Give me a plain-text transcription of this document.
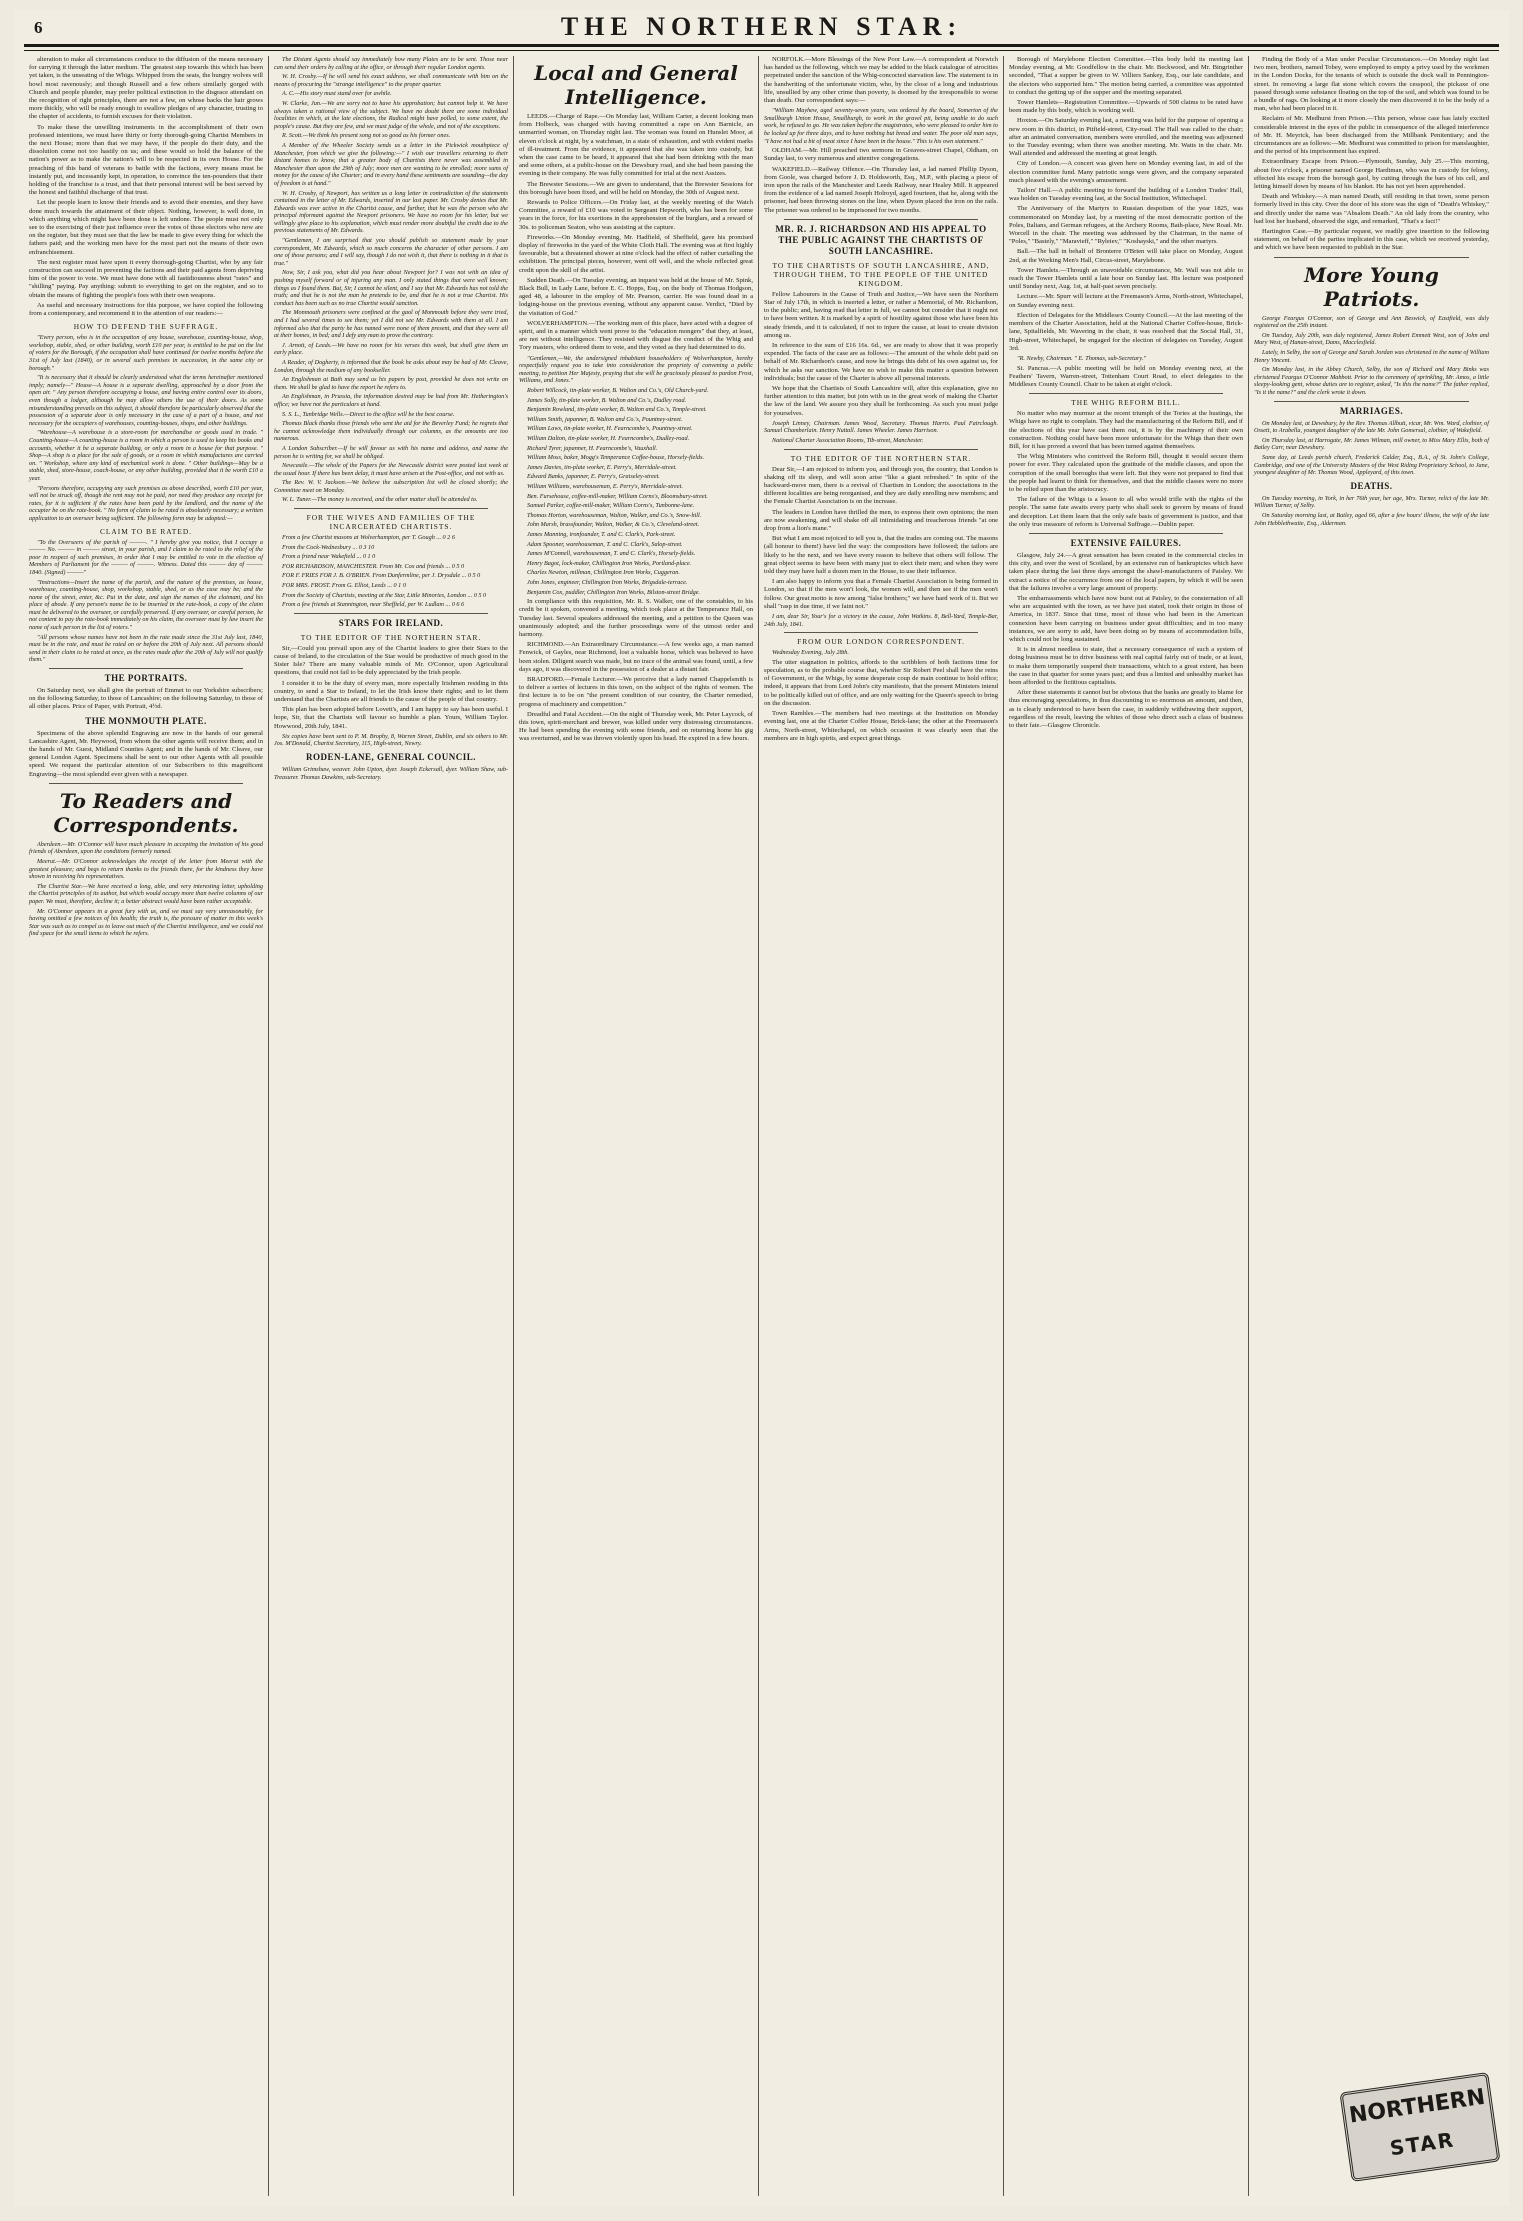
6	THE NORTHERN STAR:

alteration to make all circumstances conduce to the diffusion of the means necessary for carrying it through the latter medium. The greatest step towards this which has been yet taken, is the unseating of the Whigs. Whipped from the seats, the hungry wolves will howl most ravenously; and though Russell and a few others similarly gorged with Church and people plunder, may prefer political extinction to the disgrace attendant on the recognition of right principles, there are not a few, on whose backs the hair grows more thickly, who will be ready enough to swallow pledges of any character, trusting to the chapter of accidents, to furnish excuses for their violation.

To make these the unwilling instruments in the accomplishment of their own professed intentions, we must have thirty or forty thorough-going Chartist Members in the next House; more than that we may have, if the people do their duty, and the dissolution come not too hastily on us; and these would so hold the balance of the nation's power as to make the nation's will to be respected in its own House. For the preaching of this band of veterans to battle with the factions, every means must be instantly put, and incessantly kept, in operation, to convince the ten-pounders that their holding of the franchise is a trust, and that their personal interest will be best served by the honest and faithful discharge of that trust.

Let the people learn to know their friends and to avoid their enemies, and they have done much towards the attainment of their object. Nothing, however, is well done, in which anything which might have been done is left undone. The people must not only see to the exercising of their just influence over the votes of those electors who now are on the register, but they must see that the law be made to give every thing for which the fathers paid; and the working men have for the most part not the means of their own enfranchisement.

The next register must have upon it every thorough-going Chartist, who by any fair construction can succeed in preventing the factions and their paid agents from depriving him of the power to vote. We must have done with all fastidiousness about "rates" and "shilling" paying. Pay anything: submit to everything to get on the register, and so to obtain the means of fighting the people's foes with their own weapons.

As useful and necessary instructions for this purpose, we have copied the following from a contemporary, and recommend it to the attention of our readers:—

HOW TO DEFEND THE SUFFRAGE.

"Every person, who is in the occupation of any house, warehouse, counting-house, shop, workshop, stable, shed, or other building, worth £10 per year, is entitled to be put on the list of voters for the Borough, if the occupation shall have continued for twelve months before the 31st of July last (1840), or in several such premises in succession, in the same city or borough."

"It is necessary that it should be clearly understood what the terms hereinafter mentioned imply; namely—" House—A house is a separate dwelling, approached by a door from the open air. " Any person therefore occupying a house, and having entire control over its doors, even though a lodger, although he may allow others the use of their doors. As some misunderstanding prevails on this subject, it should therefore be particularly observed that the possession of a separate door is only necessary in the case of a part of a house, and not necessary for the occupiers of warehouses, counting-houses, shops, and other buildings.

"Warehouse—A warehouse is a store-room for merchandise or goods used in trade. " Counting-house—A counting-house is a room in which a person is used to keep his books and accounts, whether it be a separate building, or only a room in a house for that purpose. " Shop—A shop is a place for the sale of goods, or a room in which manufactures are carried on. " Workshop, where any kind of mechanical work is done. " Other buildings—May be a stable, shed, store-house, coach-house, or any other building, provided that it be worth £10 a year.

"Persons therefore, occupying any such premises as above described, worth £10 per year, will not be struck off, though the rent may not be paid, nor need they produce any receipt for rates, for it is sufficient if the rates have been paid by the landlord, and the name of the occupier be on the rate-book. " No form of claim to be rated is absolutely necessary; a written application to an overseer being sufficient. The following form may be adopted:—

CLAIM TO BE RATED.

"To the Overseers of the parish of ———. " I hereby give you notice, that I occupy a ——— No. ——— in ——— street, in your parish, and I claim to be rated to the relief of the poor in respect of such premises, in order that I may be entitled to vote in the election of Members of Parliament for the ——— of ———. Witness. Dated this ——— day of ——— 1840. (Signed) ———"

"Instructions—Insert the name of the parish, and the nature of the premises, as house, warehouse, counting-house, shop, workshop, stable, shed, or as the case may be; and the name of the street, enter, &c. Put in the date, and sign the names of the claimant, and his place of abode. If any person's name be to be inserted in the rate-book, a copy of the claim must be delivered to the overseer, or carefully preserved. If any overseer, or careful person, be not content to pay the rate-book immediately on his claim, the overseer must by law insert the name of such person in the list of voters."

"All persons whose names have not been in the rate made since the 31st July last, 1840, must be in the rate, and must be rated on or before the 20th of July next. All persons should send in their claim to be rated at once, as the rates made after the 20th of July will not qualify them."

THE PORTRAITS.

On Saturday next, we shall give the portrait of Emmet to our Yorkshire subscribers; on the following Saturday, to those of Lancashire; on the following Saturday, to those of all other places. Price of Paper, with Portrait, 4½d.

THE MONMOUTH PLATE.

Specimens of the above splendid Engraving are now in the hands of our general Lancashire Agent, Mr. Heywood, from whom the other agents will receive them; and in the hands of Mr. Guest, Midland Counties Agent; and in the hands of Mr. Cleave, our general London Agent. Specimens shall be sent to our other Agents with all possible speed. We request the particular attention of our Subscribers to this magnificent Engraving—the most splendid ever given with a newspaper.

To Readers and Correspondents.

Aberdeen.—Mr. O'Connor will have much pleasure in accepting the invitation of his good friends of Aberdeen, upon the conditions formerly named.

Meerut.—Mr. O'Connor acknowledges the receipt of the letter from Meerut with the greatest pleasure; and begs to return thanks to the friends there, for the kindness they have shown in receiving his representatives.

The Chartist Star.—We have received a long, able, and very interesting letter, upholding the Chartist principles of its author, but which would occupy more than twelve columns of our paper. We must, therefore, decline it; a better abstract would have been rather acceptable.

Mr. O'Connor appears in a great fury with us, and we must say very unreasonably, for having omitted a few notices of his health; the truth is, the pressure of matter in this week's Star was such as to compel us to leave out much of the Chartist intelligence, and we could not find space for the small items to which he refers.

The Distant Agents should say immediately how many Plates are to be sent. Those near can send their orders by calling at the office, or through their regular London agents.

W. H. Crosby.—If he will send his exact address, we shall communicate with him on the means of procuring the "strange intelligence" to the proper quarter.

A. C.—His story must stand over for awhile.

W. Clarke, Jun.—We are sorry not to have his approbation; but cannot help it. We have always taken a rational view of the subject. We have no doubt there are some individual localities in which, at the late elections, the Radical might have polled, to some extent, the people's cause. But they are few, and we must judge of the whole, and not of the exceptions.

R. Scott.—We think his present song not so good as his former ones.

A Member of the Wheeler Society sends us a letter in the Pickwick mouthpiece of Manchester, from which we give the following:—" I wish our travellers returning to their distant homes to know, that a greater body of Chartists there never was assembled in Manchester than upon the 29th of July; more men are wanting to be enrolled; more sums of money for the cause of the Charter; and in every hand these sentiments are sounding—the day of freedom is at hand."

W. H. Crosby, of Newport, has written us a long letter in contradiction of the statements contained in the letter of Mr. Edwards, inserted in our last paper. Mr. Crosby denies that Mr. Edwards was ever active in the Chartist cause, and further, that he was the person who the principal informant against the Newport prisoners. We have no room for his letter, but we willingly give place to his explanation, which must render more doubtful the credit due to the previous statements of Mr. Edwards.

"Gentlemen, I am surprised that you should publish so statement made by your correspondent, Mr. Edwards, which so much concerns the character of other persons. I am one of those persons; and I will say, though I do not wish it, that there is nothing in it that is true."

Now, Sir, I ask you, what did you hear about Newport for? I was not with an idea of pushing myself forward or of injuring any man. I only stated things that were well known; things as I found them. But, Sir, I cannot be silent, and I say that Mr. Edwards has not told the truth; and that he is not the man he pretends to be, and that he is not a true Chartist. His conduct has been such as no true Chartist would sanction.

The Monmouth prisoners were confined at the gaol of Monmouth before they were tried, and I had several times to see them; yet I did not see Mr. Edwards with them at all. I am informed also that the party he has named were none of them present, and that they were all at their homes, in bed; and I defy any man to prove the contrary.

J. Arnott, of Leeds.—We have no room for his verses this week, but shall give them an early place.

A Reader, of Dogherty, is informed that the book he asks about may be had of Mr. Cleave, London, through the medium of any bookseller.

An Englishman at Bath may send us his papers by post, provided he does not write on them. We shall be glad to have the report he refers to.

An Englishman, in Prussia, the information desired may be had from Mr. Hetherington's office; we have not the particulars at hand.

S. S. L., Tunbridge Wells.—Direct to the office will be the best course.

Thomas Black thanks those friends who sent the aid for the Beverley Fund; he regrets that he cannot acknowledge them individually through our columns, as the amounts are too numerous.

A London Subscriber.—If he will favour us with his name and address, and name the person he is writing for, we shall be obliged.

Newcastle.—The whole of the Papers for the Newcastle district were posted last week at the usual hour. If there has been delay, it must have arisen at the Post-office, and not with us.

The Rev. W. V. Jackson.—We believe the subscription list will be closed shortly; the Committee meet on Monday.

W. L. Tuner.—The money is received, and the other matter shall be attended to.

FOR THE WIVES AND FAMILIES OF THE INCARCERATED CHARTISTS.

From a few Chartist masons at Wolverhampton, per T. Gough ... 0 2 6

From the Cock-Wednesbury ... 0 3 10

From a friend near Wakefield ... 0 1 0

FOR RICHARDSON, MANCHESTER. From Mr. Cox and friends ... 0 5 0

FOR F. FRIES FOR J. B. O'BRIEN. From Dunfermline, per J. Drysdale ... 0 5 0

FOR MRS. FROST. From G. Elliot, Leeds ... 0 1 0

From the Society of Chartists, meeting at the Star, Little Minories, London ... 0 5 0

From a few friends at Stannington, near Sheffield, per W. Ludlam ... 0 6 6

STARS FOR IRELAND.
TO THE EDITOR OF THE NORTHERN STAR.

Sir,—Could you prevail upon any of the Chartist leaders to give their Stars to the cause of Ireland, to the circulation of the Star would be productive of much good in the Sister Isle? There are many valuable minds of Mr. O'Connor, upon Agricultural questions, that could not fail to be duly appreciated by the Irish people.

I consider it to be the duty of every man, more especially Irishmen residing in this country, to send a Star to Ireland, to let the Irish know their rights; and to let them understand that the Chartists are all friends to the cause of the people of that country.

This plan has been adopted before Lovett's, and I am happy to say has been useful. I hope, Sir, that the Chartists will favour so humble a plan. Yours, William Taylor. Howwood, 20th July, 1841.

Six copies have been sent to P. M. Brophy, 8, Warren Street, Dublin, and six others to Mr. Jos. M'Donald, Chartist Secretary, 115, High-street, Newry.

RODEN-LANE, GENERAL COUNCIL.

William Grimshaw, weaver. John Upton, dyer. Joseph Eckersall, dyer. William Shaw, sub-Treasurer. Thomas Dawkins, sub-Secretary.

Local and General Intelligence.

LEEDS.—Charge of Rape.—On Monday last, William Carter, a decent looking man from Holbeck, was charged with having committed a rape on Ann Barnicle, an unmarried woman, on Thursday night last. The woman was found on Hunslet Moor, at eleven o'clock at night, by a watchman, in a state of exhaustion, and with evident marks of ill-treatment. From the evidence, it appeared that she was taken into custody, but when the case came to be heard, it appeared that she had been drinking with the man and some others, at a public-house on the Dewsbury road, and she had been passing the evening in their company. He was fully committed for trial at the next Assizes.

The Brewster Sessions.—We are given to understand, that the Brewster Sessions for this borough have been fixed, and will be held on Monday, the 30th of August next.

Rewards to Police Officers.—On Friday last, at the weekly meeting of the Watch Committee, a reward of £10 was voted to Sergeant Hepworth, who has been for some years in the force, for his exertions in the apprehension of the burglars, and a reward of 30s. to policeman Seaton, who was assisting at the capture.

Fireworks.—On Monday evening, Mr. Hadfield, of Sheffield, gave his promised display of fireworks in the yard of the White Cloth Hall. The evening was at first highly favourable, but a threatened shower at nine o'clock had the effect of rather curtailing the exhibition. The principal pieces, however, went off well, and the whole reflected great credit upon the skill of the artist.

Sudden Death.—On Tuesday evening, an inquest was held at the house of Mr. Spink, Black Bull, in Lady Lane, before E. C. Hopps, Esq., on the body of Thomas Hodgson, aged 48, a labourer in the employ of Mr. Pearson, carrier. He was found dead in a lodging-house on the previous evening, without any apparent cause. Verdict, "Died by the visitation of God."

WOLVERHAMPTON.—The working men of this place, have acted with a degree of spirit, and in a manner which went prove to the "education mongers" that they, at least, are not without intelligence. They resisted with disgust the conduct of the Whig and Tory masters, who ordered them to vote, and they voted as they had determined to do.

"Gentlemen,—We, the undersigned inhabitant householders of Wolverhampton, hereby respectfully request you to take into consideration the propriety of convening a public meeting, to petition Her Majesty, praying that she will be graciously pleased to pardon Frost, Williams, and Jones."

Robert Willcock, tin-plate worker, B. Walton and Co.'s, Old Church-yard.

James Solly, tin-plate worker, B. Walton and Co.'s, Dudley road.

Benjamin Rowland, tin-plate worker, B. Walton and Co.'s, Temple-street.

William Smith, japanner, B. Walton and Co.'s, Pountney-street.

William Laws, tin-plate worker, H. Fearncombe's, Pountney-street.

William Dalton, tin-plate worker, H. Fearncombe's, Dudley-road.

Richard Tyrer, japanner, H. Fearncombe's, Vauxhall.

William Moss, baker, Mogg's Temperance Coffee-house, Horsely-fields.

James Davies, tin-plate worker, E. Perry's, Merridale-street.

Edward Banks, japanner, E. Perry's, Graiseley-street.

William Williams, warehouseman, E. Perry's, Merridale-street.

Ben. Fursehouse, coffee-mill-maker, William Corns's, Bloomsbury-street.

Samuel Parker, coffee-mill-maker, William Corns's, Tunbonne-lane.

Thomas Horton, warehouseman, Walton, Walker, and Co.'s, Snow-hill.

John Marsh, brassfounder, Walton, Walker, & Co.'s, Cleveland-street.

James Manning, ironfounder, T. and C. Clark's, Park-street.

Adam Spooner, warehouseman, T. and C. Clark's, Salop-street.

James M'Connell, warehouseman, T. and C. Clark's, Horsely-fields.

Henry Bagot, lock-maker, Chillington Iron Works, Portland-place.

Charles Newton, millman, Chillington Iron Works, Cuggeran.

John Jones, engineer, Chillington Iron Works, Brigsdale-terrace.

Benjamin Cox, puddler, Chillington Iron Works, Bilston-street Bridge.

In compliance with this requisition, Mr. R. S. Walker, one of the constables, to his credit be it spoken, convened a meeting, which took place at the Temperance Hall, on Tuesday last. Several speakers addressed the meeting, and a petition to the Queen was unanimously adopted; and the further proceedings were of the utmost order and harmony.

RICHMOND.—An Extraordinary Circumstance.—A few weeks ago, a man named Fenwick, of Gayles, near Richmond, lost a valuable horse, which was believed to have been stolen. Diligent search was made, but no trace of the animal was found, until, a few days ago, it was discovered in the possession of a dealer at a distant fair.

BRADFORD.—Female Lecturer.—We perceive that a lady named Chappelsmith is to deliver a series of lectures in this town, on the subject of the rights of women. The first lecture is to be on "the present condition of our country, the Charter remedied, progress of machinery and competition."

Dreadful and Fatal Accident.—On the night of Thursday week, Mr. Peter Laycock, of this town, spirit-merchant and brewer, was killed under very distressing circumstances. He had been spending the evening with some friends, and on returning home his gig was overturned, and he was thrown violently upon his head. He expired in a few hours.

NORFOLK.—More Blessings of the New Poor Law.—A correspondent at Norwich has handed us the following, which we may be added to the black catalogue of atrocities perpetrated under the sanction of the Whig-concocted starvation law. The statement is in the handwriting of the unfortunate victim, who, by the close of a long and industrious life, unsullied by any other crime than poverty, is doomed by the irresponsible to worse than death. Our correspondent says:—

"William Mayhew, aged seventy-seven years, was ordered by the board, Somerton of the Smallburgh Union House, Smallburgh, to work in the gravel pit, being unable to do such work, he refused to go. He was taken before the magistrates, who were pleased to order him to be locked up for three days, and to have nothing but bread and water. The poor old man says, "I have not had a bit of meat since I have been in the house." This is his own statement."

OLDHAM.—Mr. Hill preached two sermons in Greaves-street Chapel, Oldham, on Sunday last, to very numerous and attentive congregations.

WAKEFIELD.—Railway Offence.—On Thursday last, a lad named Phillip Dyson, from Goole, was charged before J. D. Holdsworth, Esq., M.P., with placing a piece of iron upon the rails of the Manchester and Leeds Railway, near Healey Mill. It appeared from the evidence of a lad named Joseph Holroyd, aged fourteen, that he, along with the prisoner, had been throwing stones on the line, when Dyson placed the iron on the rails. The prisoner was ordered to be imprisoned for two months.

MR. R. J. RICHARDSON AND HIS APPEAL TO THE PUBLIC AGAINST THE CHARTISTS OF SOUTH LANCASHIRE.
TO THE CHARTISTS OF SOUTH LANCASHIRE, AND, THROUGH THEM, TO THE PEOPLE OF THE UNITED KINGDOM.

Fellow Labourers in the Cause of Truth and Justice,—We have seen the Northern Star of July 17th, in which is inserted a letter, or rather a Memorial, of Mr. Richardson, to the public; and, having read that letter in full, we cannot but consider that it ought not to have been written. It is marked by a spirit of hostility against those who have been his steady friends, and it is calculated, if not to injure the cause, at least to create division among us.

In reference to the sum of £16 16s. 6d., we are ready to show that it was properly expended. The facts of the case are as follows:—The amount of the whole debt paid on behalf of Mr. Richardson's cause, and now he brings this debt of his own against us, for which he asks our sanction. We have no wish to make this matter a question between individuals; but the cause of the Charter is above all personal interests.

We hope that the Chartists of South Lancashire will, after this explanation, give no further attention to this matter, but join with us in the great work of making the Charter the law of the land. We assure you they shall be forthcoming. As such you must judge for yourselves.

Joseph Linney, Chairman. James Wood, Secretary. Thomas Harris. Paul Fairclough. Samuel Chamberlain. Henry Nuttall. James Wheeler. James Harrison.

National Charter Association Rooms, Tib-street, Manchester.

TO THE EDITOR OF THE NORTHERN STAR.

Dear Sir,—I am rejoiced to inform you, and through you, the country, that London is shaking off its sleep, and will soon arise "like a giant refreshed." In spite of the backward-move men, there is a revival of Chartism in London; the associations in the different localities are being reorganised, and they are daily enrolling new members; and the Female Chartist Association is on the increase.

The leaders in London have thrilled the men, to express their own opinions; the men are now awakening, and will shake off all intimidating and treacherous friends "at one drop from a lion's mane."

But what I am most rejoiced to tell you is, that the trades are coming out. The masons (all honour to them!) have led the way: the compositors have followed; the tailors are likely to be the next, and we have every reason to believe that others will follow. The great object seems to have been with many just to elect their men; and when they were told they may have half a dozen men in the House, to use their influence.

I am also happy to inform you that a Female Chartist Association is being formed in London, so that if the men won't look, the women will, and then see if the men won't follow. Our great motto is now among "false brothers;" we have hard work of it. But we shall "rasp in due time, if we faint not."

I am, dear Sir, Your's for a victory in the cause, John Watkins. 8, Bell-Yard, Temple-Bar, 24th July, 1841.

FROM OUR LONDON CORRESPONDENT.

Wednesday Evening, July 28th.

The utter stagnation in politics, affords to the scribblers of both factions time for speculation, as to the probable course that, whether Sir Robert Peel shall have the reins of Government, or the Whigs, by some desperate coup de main continue to hold office; indeed, it appears that from Lord John's city manifesto, that the present Ministers intend to be politically killed out of office, and are only waiting for the Queen's speech to bring on the discussion.

Town Rambles.—The members had two meetings at the Institution on Monday evening last, one at the Charter Coffee House, Brick-lane; the other at the Freemason's Arms, North-street, Whitechapel, on which occasion it was clearly seen that the members are in high spirits, and expect great things.

Borough of Marylebone Election Committee.—This body held its meeting last Monday evening, at Mr. Goodfellow in the chair. Mr. Beckwood, and Mr. Bingrinther seconded, "That a supper be given to W. Villiers Sankey, Esq., our late candidate, and the electors who supported him." The motion being carried, a committee was appointed to conduct the getting up of the supper and the meeting separated.

Tower Hamlets—Registration Committee.—Upwards of 500 claims to be rated have been made by this body, which is working well.

Hoxton.—On Saturday evening last, a meeting was held for the purpose of opening a new room in this district, in Pitfield-street, City-road. The Hall was called to the chair; after an animated conversation, members were enrolled, and the meeting was adjourned to the Tuesday evening; when there was another meeting. Mr. Watts in the chair. Mr. Wall attended and addressed the meeting at great length.

City of London.—A concert was given here on Monday evening last, in aid of the election committee fund. Many patriotic songs were given, and the company separated much pleased with the evening's amusement.

Tailors' Hall.—A public meeting to forward the building of a London Trades' Hall, was holden on Tuesday evening last, at the Social Institution, Whitechapel.

The Anniversary of the Martyrs to Russian despotism of the year 1825, was commemorated on Monday last, by a meeting of the most democratic portion of the Poles, Italians, and German refugees, at the Archery Rooms, Bath-place, New Road. Mr. Worcell in the chair. The meeting was addressed by the Chairman, in the name of "Poles," "Bastely," "Maravieff," "Ryleiev," "Koshayski," and the other martyrs.

Ball.—The ball in behalf of Bronterre O'Brien will take place on Monday, August 2nd, at the Working Men's Hall, Circus-street, Marylebone.

Tower Hamlets.—Through an unavoidable circumstance, Mr. Wall was not able to reach the Tower Hamlets until a late hour on Sunday last. His lecture was postponed until Sunday next, Aug. 1st, at half-past seven precisely.

Lecture.—Mr. Spurr will lecture at the Freemason's Arms, North-street, Whitechapel, on Sunday evening next.

Election of Delegates for the Middlesex County Council.—At the last meeting of the members of the Charter Association, held at the National Charter Coffee-house, Brick-lane, Spitalfields, Mr. Wavering in the chair, it was resolved that the Social Hall, 31, High-street, Whitechapel, be engaged for the election of delegates on Tuesday, August 3rd.

"R. Newby, Chairman. " E. Thomas, sub-Secretary."

St. Pancras.—A public meeting will be held on Monday evening next, at the Feathers' Tavern, Warren-street, Tottenham Court Road, to elect delegates to the Middlesex County Council. Chair to be taken at eight o'clock.

THE WHIG REFORM BILL.

No matter who may murmur at the recent triumph of the Tories at the hustings, the Whigs have no right to complain. They had the manufacturing of the Reform Bill, and if the elections of this year have cast them out, it is by the machinery of their own construction. Nothing could have been more unfortunate for the Whigs than their own Bill, for it has proved a sword that has been turned against themselves.

The Whig Ministers who contrived the Reform Bill, thought it would secure them power for ever. They calculated upon the gratitude of the middle classes, and upon the corruption of the small boroughs that were left. But they were not prepared to find that the people had learnt to think for themselves, and that the middle classes were no more to be relied upon than the aristocracy.

The failure of the Whigs is a lesson to all who would trifle with the rights of the people. The same fate awaits every party who shall seek to govern by means of fraud and deception. Let them learn that the only safe basis of government is justice, and that the only true measure of reform is Universal Suffrage.—Dublin paper.

EXTENSIVE FAILURES.

Glasgow, July 24.—A great sensation has been created in the commercial circles in this city, and over the west of Scotland, by an extensive run of bankruptcies which have taken place during the last three days amongst the shawl-manufacturers of Paisley. We extract a notice of the occurrence from one of the local papers, by which it will be seen that the failures involve a very large amount of property.

The embarrassments which have now burst out at Paisley, to the consternation of all who are acquainted with the town, as we have just stated, took their origin in those of America, in 1837. Since that time, most of those who had been in the American connexion have been carrying on business under great difficulties; and in too many instances, we are sorry to add, have been doing so by means of accommodation bills, which could not be long sustained.

It is in almost needless to state, that a necessary consequence of such a system of doing business must be to drive business with real capital fairly out of trade, or at least, to make them temporarily suspend their transactions, which to a great extent, has been the case in that quarter for some years past; and thus a limited and unhealthy market has been afforded to the fictitious capitalists.

After these statements it cannot but be obvious that the banks are greatly to blame for thus encouraging speculations, in thus discounting to so enormous an amount, and then, as is clearly understood to have been the case, in suddenly withdrawing their support, regardless of the result, leaving the whites of those who direct such a class of business to their fate.—Glasgow Chronicle.

Finding the Body of a Man under Peculiar Circumstances.—On Monday night last two men, brothers, named Tobey, were employed to empty a privy used by the workmen in the London Docks, for the tenants of which is outside the dock wall in Pennington-street. In removing a large flat stone which covers the cesspool, the pickaxe of one passed through some substance floating on the top of the soil, and which was found to be a bundle of rags. On looking at it more closely the men discovered it to be the body of a man, who had been placed in it.

Reclaim of Mr. Medhurst from Prison.—This person, whose case has lately excited considerable interest in the eyes of the public in consequence of the alleged interference of Mr. H. Meyrick, has been discharged from the Millbank Penitentiary; and the circumstances are as follows:—Mr. Medhurst was committed to prison for manslaughter, and the period of his imprisonment has expired.

Extraordinary Escape from Prison.—Plymouth, Sunday, July 25.—This morning, about five o'clock, a prisoner named George Hardiman, who was in custody for felony, effected his escape from the borough gaol, by cutting through the bars of his cell, and letting himself down by means of his blanket. He has not yet been apprehended.

Death and Whiskey.—A man named Death, still residing in that town, some person formerly lived in this city. Over the door of his store was the sign of "Death's Whiskey," and directly under the name was "Absalom Death." An old lady from the country, who had lost her husband, observed the sign, and remarked, "That's a fact!"

Hartington Case.—By particular request, we readily give insertion to the following statement, on behalf of the parties implicated in this case, which we received yesterday, and which we have been requested to publish in the Star.

More Young Patriots.

George Feargus O'Connor, son of George and Ann Beswick, of Eastfield, was duly registered on the 25th instant.

On Tuesday, July 20th, was duly registered, James Robert Emmett West, son of John and Mary West, of Hanan-street, Dams, Macclesfield.

Lately, in Selby, the son of George and Sarah Jordan was christened in the name of William Henry Vincent.

On Monday last, in the Abbey Church, Selby, the son of Richard and Mary Binks was christened Feargus O'Connor Mabbott. Prior to the ceremony of sprinkling, Mr. Amos, a little sleepy-looking gent, whose duties are to register, asked, "Is this the name?" The father replied, "Is it the name?" and the clerk wrote it down.

MARRIAGES.

On Monday last, at Dewsbury, by the Rev. Thomas Allbutt, vicar, Mr. Wm. Ward, clothier, of Ossett, to Arabella, youngest daughter of the late Mr. John Gomersal, clothier, of Wakefield.

On Thursday last, at Harrogate, Mr. James Wilman, mill owner, to Miss Mary Ellis, both of Batley Carr, near Dewsbury.

Same day, at Leeds parish church, Frederick Calder, Esq., B.A., of St. John's College, Cambridge, and one of the University Masters of the West Riding Proprietary School, to Jane, youngest daughter of Mr. Thomas Wood, Appleyard, of this town.

DEATHS.

On Tuesday morning, in York, in her 76th year, her age, Mrs. Turner, relict of the late Mr. William Turner, of Selby.

On Saturday morning last, at Batley, aged 66, after a few hours' illness, the wife of the late John Hebblethwaite, Esq., Alderman.

NORTHERN
STAR
